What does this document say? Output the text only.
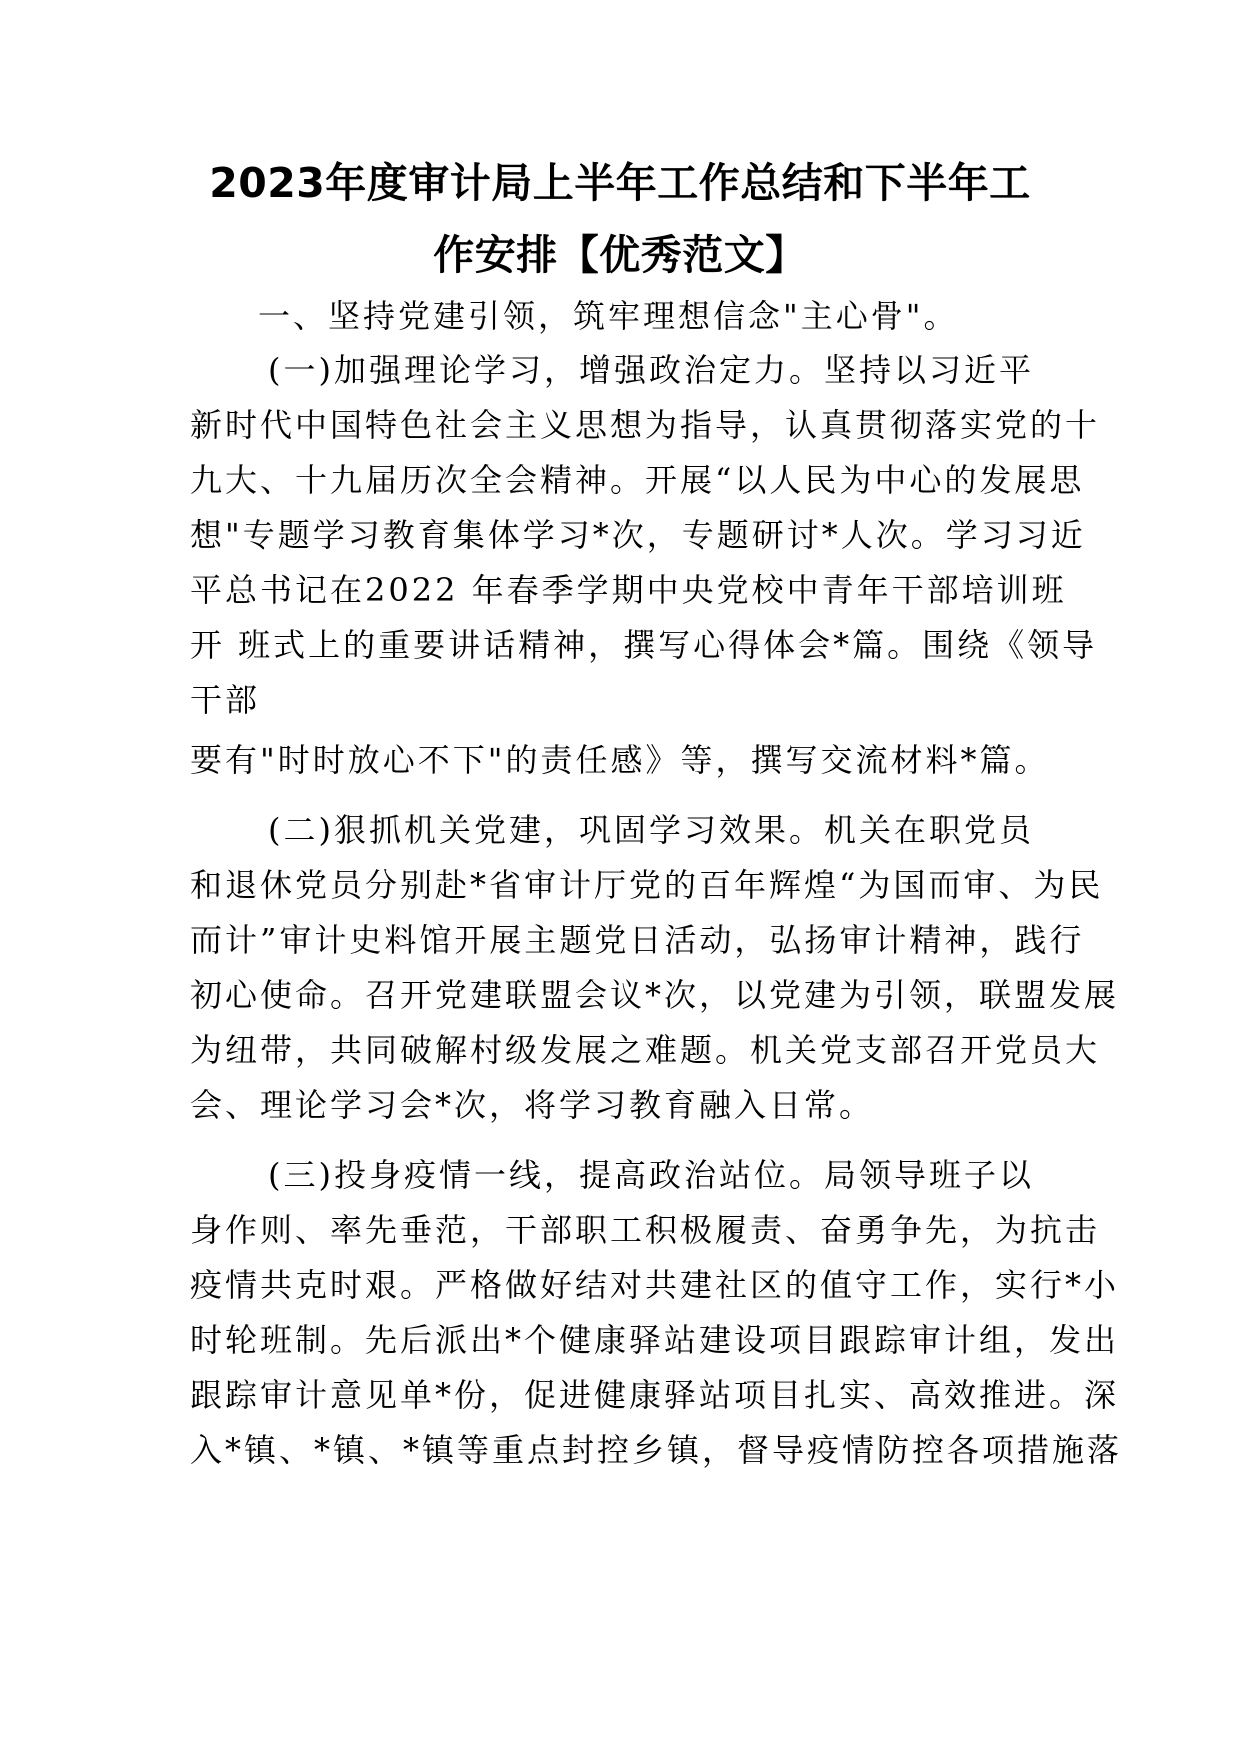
2023年度审计局上半年工作总结和下半年工
作安排【优秀范文】
一、坚持党建引领，筑牢理想信念"主心骨"。
(一)加强理论学习，增强政治定力。坚持以习近平
新时代中国特色社会主义思想为指导，认真贯彻落实党的十
九大、十九届历次全会精神。开展“以人民为中心的发展思
想"专题学习教育集体学习*次，专题研讨*人次。学习习近
平总书记在2022 年春季学期中央党校中青年干部培训班
开 班式上的重要讲话精神，撰写心得体会*篇。围绕《领导
干部
要有"时时放心不下"的责任感》等，撰写交流材料*篇。
(二)狠抓机关党建，巩固学习效果。机关在职党员
和退休党员分别赴*省审计厅党的百年辉煌“为国而审、为民
而计”审计史料馆开展主题党日活动，弘扬审计精神，践行
初心使命。召开党建联盟会议*次，以党建为引领，联盟发展
为纽带，共同破解村级发展之难题。机关党支部召开党员大
会、理论学习会*次，将学习教育融入日常。
(三)投身疫情一线，提高政治站位。局领导班子以
身作则、率先垂范，干部职工积极履责、奋勇争先，为抗击
疫情共克时艰。严格做好结对共建社区的值守工作，实行*小
时轮班制。先后派出*个健康驿站建设项目跟踪审计组，发出
跟踪审计意见单*份，促进健康驿站项目扎实、高效推进。深
入*镇、*镇、*镇等重点封控乡镇，督导疫情防控各项措施落
